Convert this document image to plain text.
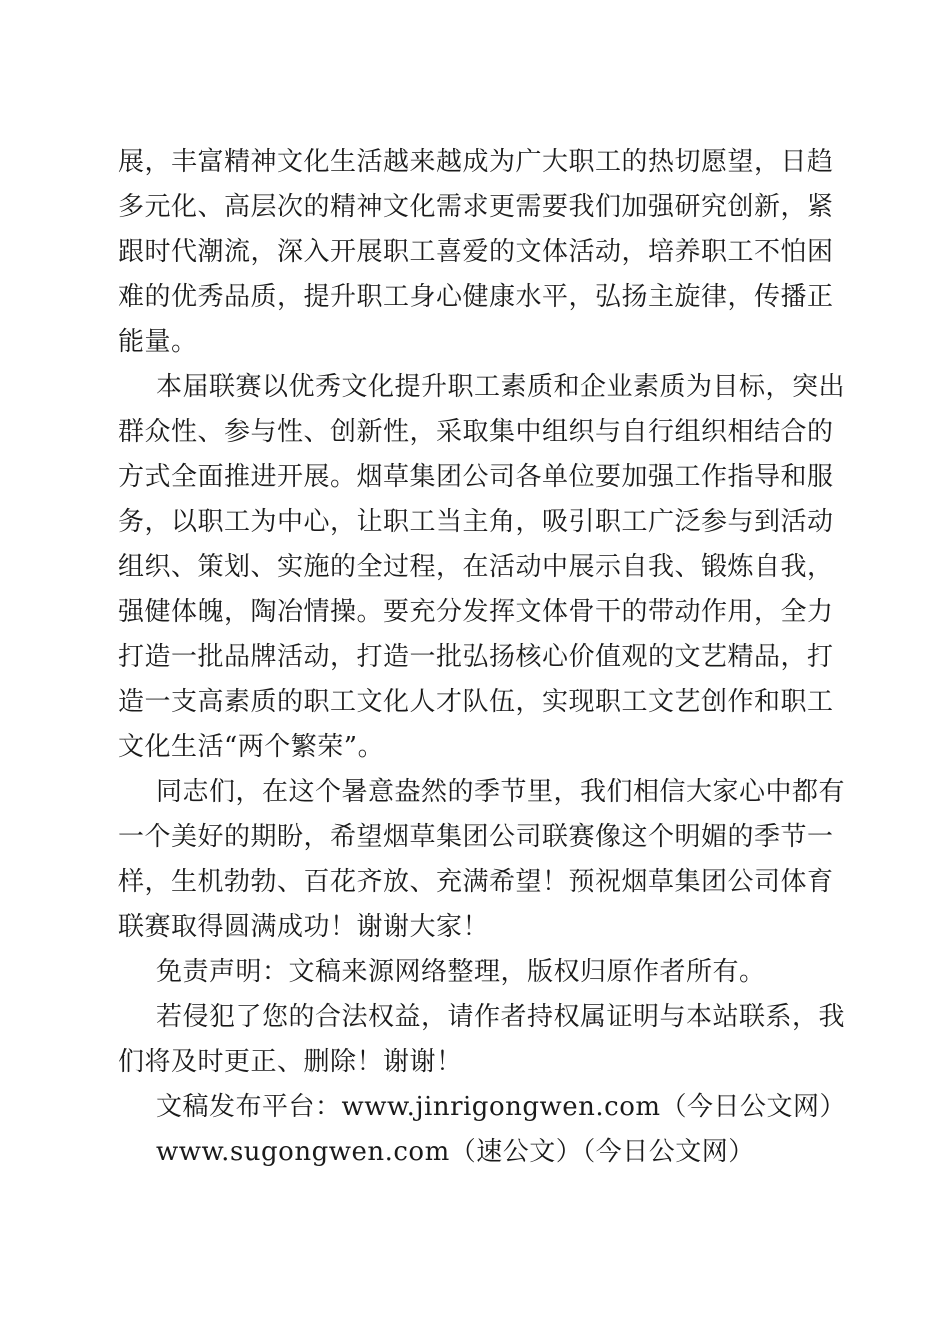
展，丰富精神文化生活越来越成为广大职工的热切愿望，日趋
多元化、高层次的精神文化需求更需要我们加强研究创新，紧
跟时代潮流，深入开展职工喜爱的文体活动，培养职工不怕困
难的优秀品质，提升职工身心健康水平，弘扬主旋律，传播正
能量。
本届联赛以优秀文化提升职工素质和企业素质为目标，突出
群众性、参与性、创新性，采取集中组织与自行组织相结合的
方式全面推进开展。烟草集团公司各单位要加强工作指导和服
务，以职工为中心，让职工当主角，吸引职工广泛参与到活动
组织、策划、实施的全过程，在活动中展示自我、锻炼自我，
强健体魄，陶冶情操。要充分发挥文体骨干的带动作用，全力
打造一批品牌活动，打造一批弘扬核心价值观的文艺精品，打
造一支高素质的职工文化人才队伍，实现职工文艺创作和职工
文化生活“两个繁荣”。
同志们，在这个暑意盎然的季节里，我们相信大家心中都有
一个美好的期盼，希望烟草集团公司联赛像这个明媚的季节一
样，生机勃勃、百花齐放、充满希望！预祝烟草集团公司体育
联赛取得圆满成功！谢谢大家！
免责声明：文稿来源网络整理，版权归原作者所有。
若侵犯了您的合法权益，请作者持权属证明与本站联系，我
们将及时更正、删除！谢谢！
文稿发布平台：www.jinrigongwen.com（今日公文网）
www.sugongwen.com（速公文）（今日公文网）
